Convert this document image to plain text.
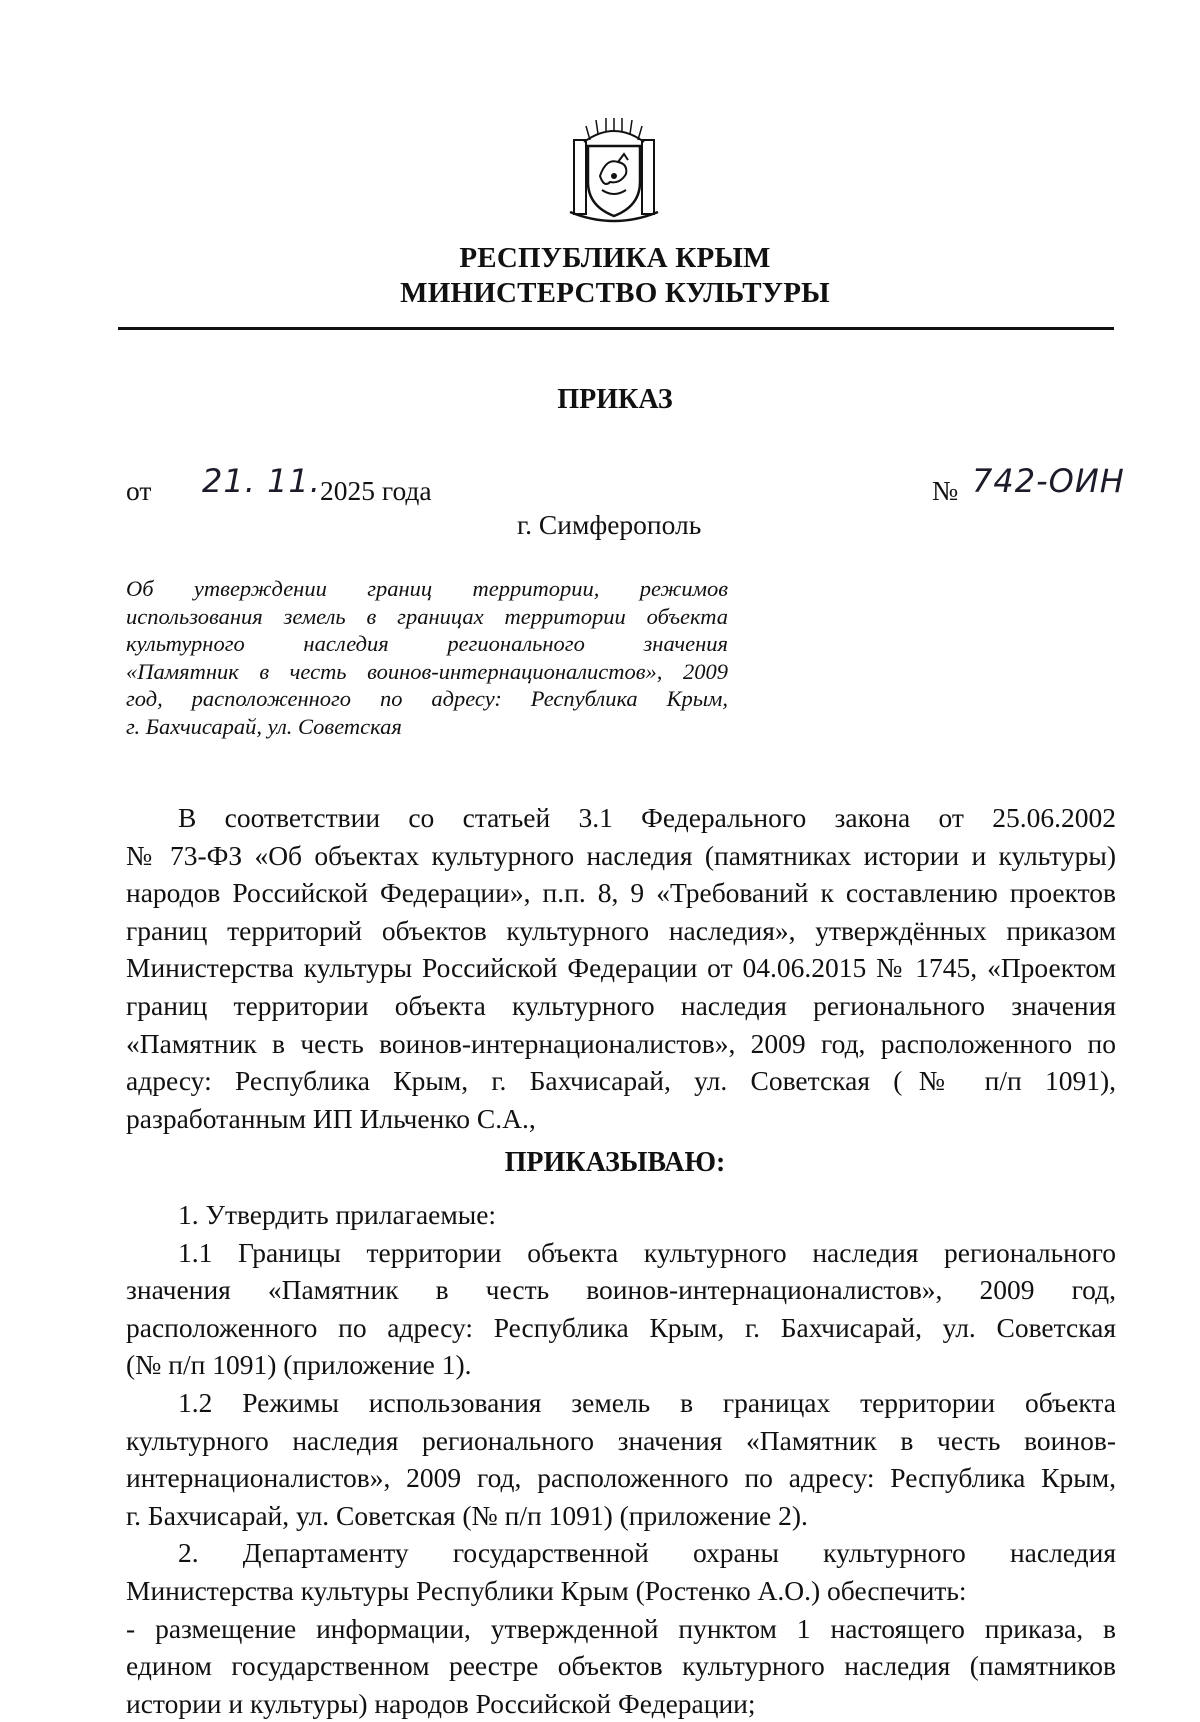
РЕСПУБЛИКА КРЫМ
МИНИСТЕРСТВО КУЛЬТУРЫ
ПРИКАЗ
от 21. 11. 2025 года	№ 742-ОИН
г. Симферополь
Об утверждении границ территории, режимов
использования земель в границах территории объекта
культурного наследия регионального значения
«Памятник в честь воинов-интернационалистов», 2009
год, расположенного по адресу: Республика Крым,
г. Бахчисарай, ул. Советская
В соответствии со статьей 3.1 Федерального закона от 25.06.2002
№ 73-ФЗ «Об объектах культурного наследия (памятниках истории и культуры)
народов Российской Федерации», п.п. 8, 9 «Требований к составлению проектов
границ территорий объектов культурного наследия», утверждённых приказом
Министерства культуры Российской Федерации от 04.06.2015 № 1745, «Проектом
границ территории объекта культурного наследия регионального значения
«Памятник в честь воинов-интернационалистов», 2009 год, расположенного по
адресу: Республика Крым, г. Бахчисарай, ул. Советская (№ п/п 1091),
разработанным ИП Ильченко С.А.,
ПРИКАЗЫВАЮ:
1. Утвердить прилагаемые:
1.1 Границы территории объекта культурного наследия регионального
значения «Памятник в честь воинов-интернационалистов», 2009 год,
расположенного по адресу: Республика Крым, г. Бахчисарай, ул. Советская
(№ п/п 1091) (приложение 1).
1.2 Режимы использования земель в границах территории объекта
культурного наследия регионального значения «Памятник в честь воинов-
интернационалистов», 2009 год, расположенного по адресу: Республика Крым,
г. Бахчисарай, ул. Советская (№ п/п 1091) (приложение 2).
2. Департаменту государственной охраны культурного наследия
Министерства культуры Республики Крым (Ростенко А.О.) обеспечить:
- размещение информации, утвержденной пунктом 1 настоящего приказа, в
едином государственном реестре объектов культурного наследия (памятников
истории и культуры) народов Российской Федерации;
